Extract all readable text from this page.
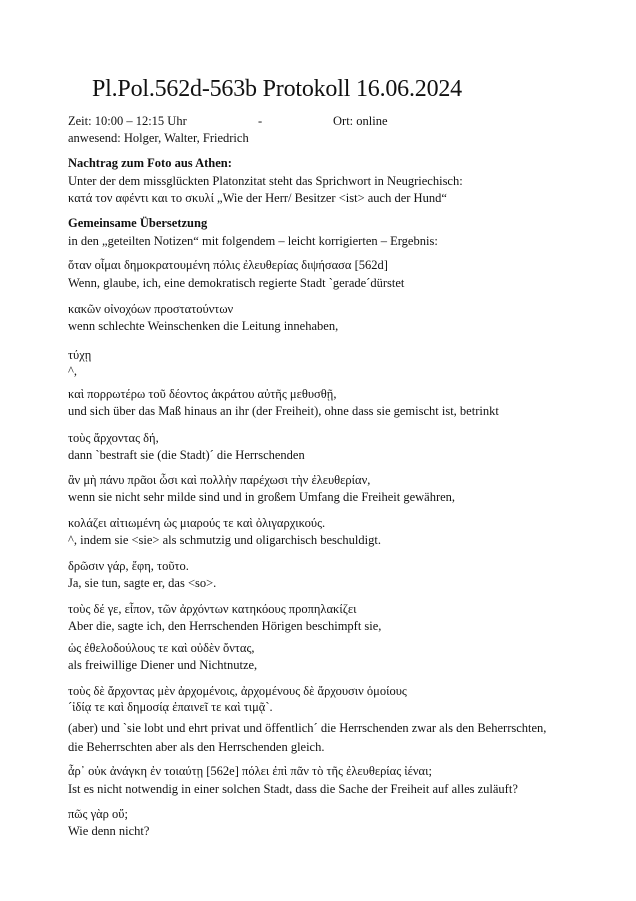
Pl.Pol.562d-563b Protokoll 16.06.2024
Zeit: 10:00 – 12:15 Uhr	-	Ort: online
anwesend: Holger, Walter, Friedrich
Nachtrag zum Foto aus Athen:
Unter der dem missglückten Platonzitat steht das Sprichwort in Neugriechisch:
κατά τον αφέντι και το σκυλί „Wie der Herr/ Besitzer <ist> auch der Hund“
Gemeinsame Übersetzung
in den „geteilten Notizen“ mit folgendem – leicht korrigierten – Ergebnis:
ὅταν οἶμαι δημοκρατουμένη πόλις ἐλευθερίας διψήσασα [562d]
Wenn, glaube, ich, eine demokratisch regierte Stadt `gerade´dürstet
κακῶν οἰνοχόων προστατούντων
wenn schlechte Weinschenken die Leitung innehaben,
τύχῃ
^,
καὶ πορρωτέρω τοῦ δέοντος ἀκράτου αὐτῆς μεθυσθῇ,
und sich über das Maß hinaus an ihr (der Freiheit), ohne dass sie gemischt ist, betrinkt
τοὺς ἄρχοντας δή,
dann `bestraft sie (die Stadt)´ die Herrschenden
ἂν μὴ πάνυ πρᾶοι ὦσι καὶ πολλὴν παρέχωσι τὴν ἐλευθερίαν,
wenn sie nicht sehr milde sind und in großem Umfang die Freiheit gewähren,
κολάζει αἰτιωμένη ὡς μιαρούς τε καὶ ὀλιγαρχικούς.
^, indem sie <sie> als schmutzig und oligarchisch beschuldigt.
δρῶσιν γάρ, ἔφη, τοῦτο.
Ja, sie tun, sagte er, das <so>.
τοὺς δέ γε, εἶπον, τῶν ἀρχόντων κατηκόους προπηλακίζει
Aber die, sagte ich, den Herrschenden Hörigen beschimpft sie,
ὡς ἐθελοδούλους τε καὶ οὐδὲν ὄντας,
als freiwillige Diener und Nichtnutze,
τοὺς δὲ ἄρχοντας μὲν ἀρχομένοις, ἀρχομένους δὲ ἄρχουσιν ὁμοίους
´ἰδίᾳ τε καὶ δημοσίᾳ ἐπαινεῖ τε καὶ τιμᾷ`.
(aber) und `sie lobt und ehrt privat und öffentlich´ die Herrschenden zwar als den Beherrschten,
die Beherrschten aber als den Herrschenden gleich.
ἆρ᾽ οὐκ ἀνάγκη ἐν τοιαύτῃ [562e] πόλει ἐπὶ πᾶν τὸ τῆς ἐλευθερίας ἰέναι;
Ist es nicht notwendig in einer solchen Stadt, dass die Sache der Freiheit auf alles zuläuft?
πῶς γὰρ οὔ;
Wie denn nicht?
